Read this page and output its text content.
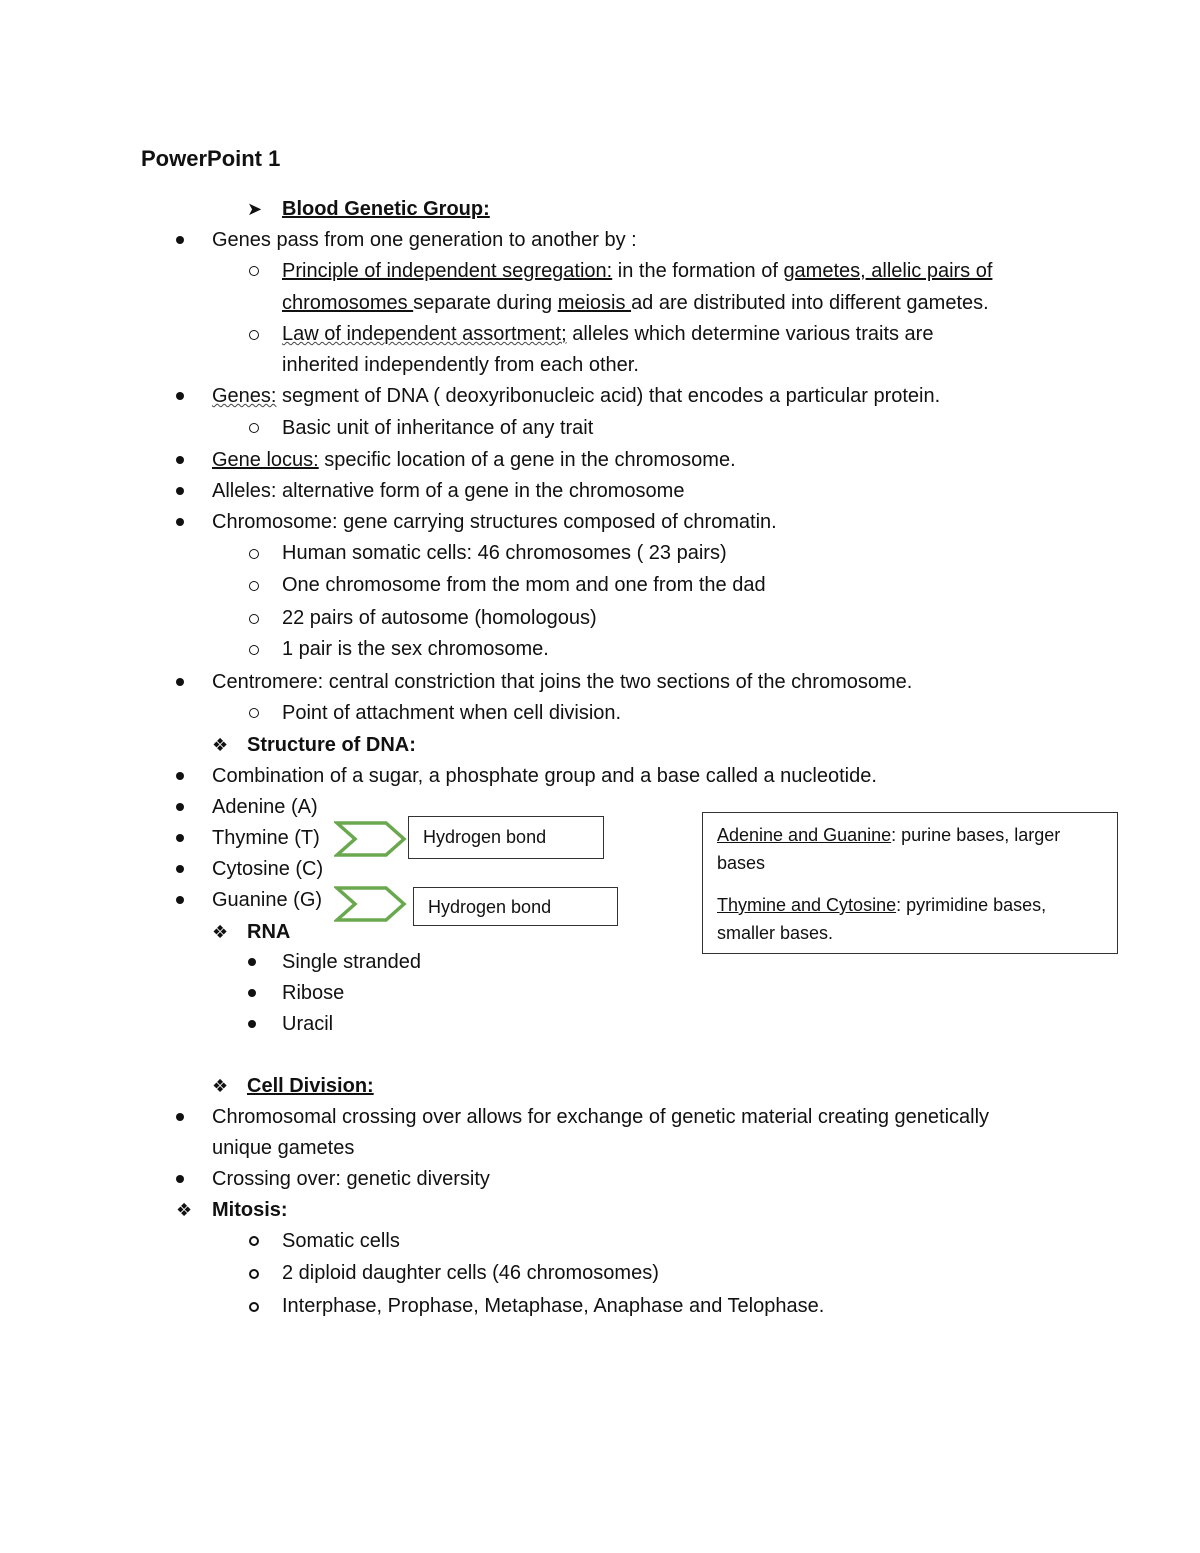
PowerPoint 1
➤ Blood Genetic Group:
Genes pass from one generation to another by :
Principle of independent segregation: in the formation of gametes, allelic pairs of
chromosomes separate during meiosis ad are distributed into different gametes.
Law of independent assortment; alleles which determine various traits are
inherited independently from each other.
Genes: segment of DNA ( deoxyribonucleic acid) that encodes a particular protein.
Basic unit of inheritance of any trait
Gene locus: specific location of a gene in the chromosome.
Alleles: alternative form of a gene in the chromosome
Chromosome: gene carrying structures composed of chromatin.
Human somatic cells: 46 chromosomes ( 23 pairs)
One chromosome from the mom and one from the dad
22 pairs of autosome (homologous)
1 pair is the sex chromosome.
Centromere: central constriction that joins the two sections of the chromosome.
Point of attachment when cell division.
❖ Structure of DNA:
Combination of a sugar, a phosphate group and a base called a nucleotide.
Adenine (A)
Thymine (T)
Cytosine (C)
Guanine (G)
Hydrogen bond
Hydrogen bond

Adenine and Guanine: purine bases, larger bases

Thymine and Cytosine: pyrimidine bases, smaller bases.

❖ RNA
Single stranded
Ribose
Uracil
❖ Cell Division:
Chromosomal crossing over allows for exchange of genetic material creating genetically
unique gametes
Crossing over: genetic diversity
❖ Mitosis:
Somatic cells
2 diploid daughter cells (46 chromosomes)
Interphase, Prophase, Metaphase, Anaphase and Telophase.
